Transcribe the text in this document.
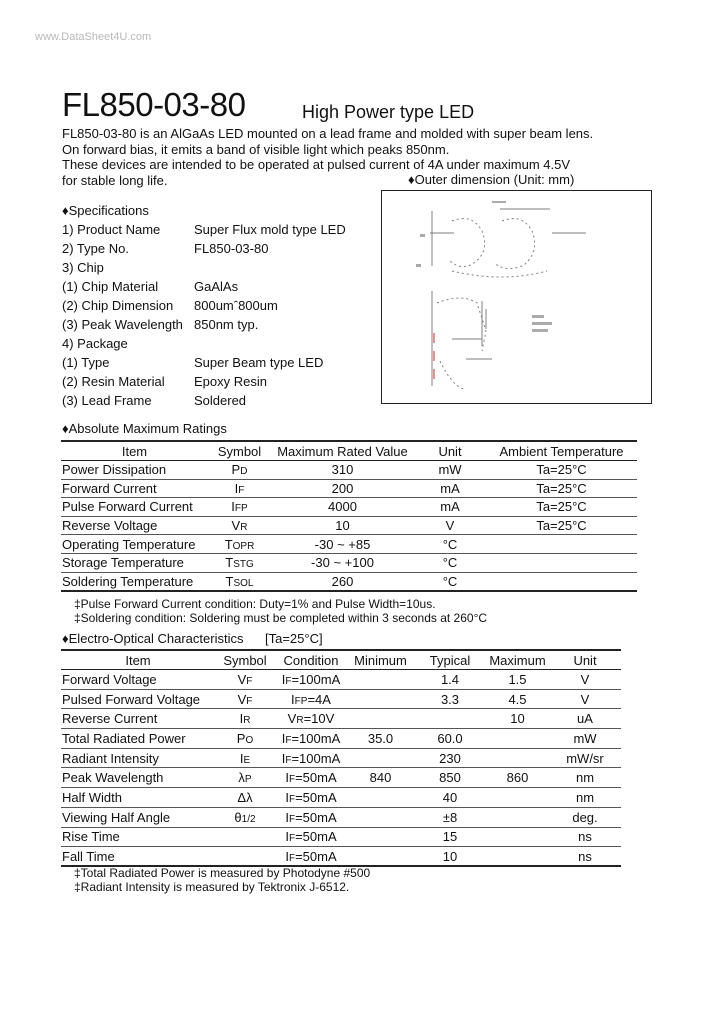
www.DataSheet4U.com
FL850-03-80	High Power type LED
FL850-03-80 is an AlGaAs LED mounted on a lead frame and molded with super beam lens.
On forward bias, it emits a band of visible light which peaks 850nm.
These devices are intended to be operated at pulsed current of 4A under maximum 4.5V
for stable long life.	♦Outer dimension (Unit: mm)
♦Specifications
1) Product Name	Super Flux mold type LED
2) Type No.	FL850-03-80
3) Chip
(1) Chip Material	GaAlAs
(2) Chip Dimension 800umˆ800um
(3) Peak Wavelength 850nm typ.
4) Package
(1) Type	Super Beam type LED
(2) Resin Material Epoxy Resin
(3) Lead Frame	Soldered
♦Absolute Maximum Ratings
Item	Symbol	Maximum Rated Value	Unit	Ambient Temperature
Power Dissipation	PD	310	mW	Ta=25°C
Forward Current	IF	200	mA	Ta=25°C
Pulse Forward Current	IFP	4000	mA	Ta=25°C
Reverse Voltage	VR	10	V	Ta=25°C
Operating Temperature	TOPR	-30 ~ +85	°C	
Storage Temperature	TSTG	-30 ~ +100	°C	
Soldering Temperature	TSOL	260	°C	
‡Pulse Forward Current condition: Duty=1% and Pulse Width=10us.
‡Soldering condition: Soldering must be completed within 3 seconds at 260°C
♦Electro-Optical Characteristics [Ta=25°C]
Item	Symbol	Condition	Minimum	Typical	Maximum	Unit
Forward Voltage	VF	IF=100mA		1.4	1.5	V
Pulsed Forward Voltage	VF	IFP=4A		3.3	4.5	V
Reverse Current	IR	VR=10V			10	uA
Total Radiated Power	PO	IF=100mA	35.0	60.0		mW
Radiant Intensity	IE	IF=100mA		230		mW/sr
Peak Wavelength	λP	IF=50mA	840	850	860	nm
Half Width	Δλ	IF=50mA		40		nm
Viewing Half Angle	θ1/2	IF=50mA		±8		deg.
Rise Time		IF=50mA		15		ns
Fall Time		IF=50mA		10		ns
‡Total Radiated Power is measured by Photodyne #500
‡Radiant Intensity is measured by Tektronix J-6512.
